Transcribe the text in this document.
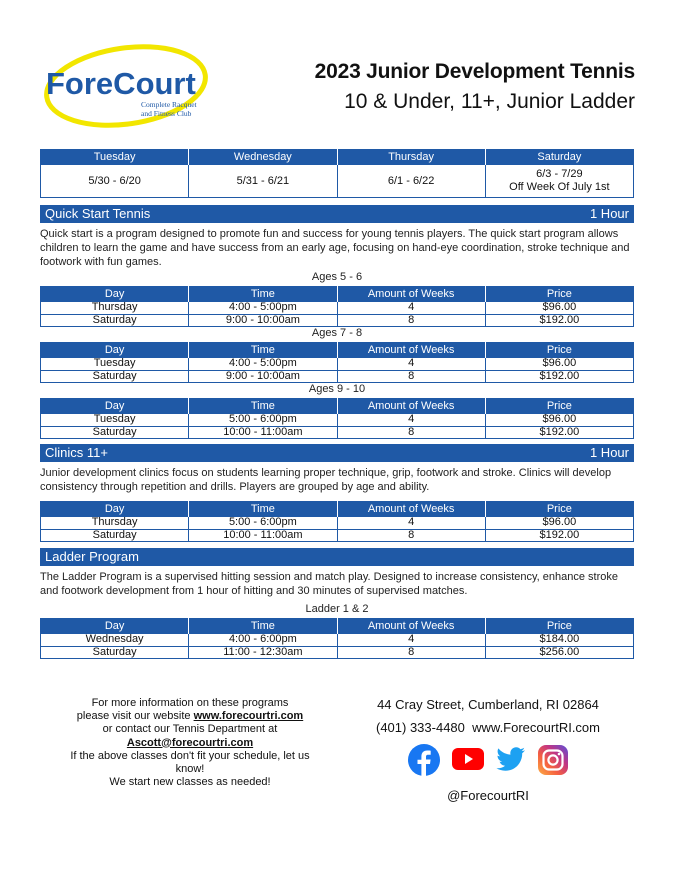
ForeCourt
Complete Racquet
and Fitness Club
2023 Junior Development Tennis
10 & Under, 11+, Junior Ladder
Tuesday	Wednesday	Thursday	Saturday
5/30 - 6/20	5/31 - 6/21	6/1 - 6/22	6/3 - 7/29
Off Week Of July 1st
Quick Start Tennis	1 Hour
Quick start is a program designed to promote fun and success for young tennis players. The quick start program allows children to learn the game and have success from an early age, focusing on hand-eye coordination, stroke technique and footwork with fun games.
Ages 5 - 6
Day	Time	Amount of Weeks	Price
Thursday	4:00 - 5:00pm	4	$96.00
Saturday	9:00 - 10:00am	8	$192.00
Ages 7 - 8
Day	Time	Amount of Weeks	Price
Tuesday	4:00 - 5:00pm	4	$96.00
Saturday	9:00 - 10:00am	8	$192.00
Ages 9 - 10
Day	Time	Amount of Weeks	Price
Tuesday	5:00 - 6:00pm	4	$96.00
Saturday	10:00 - 11:00am	8	$192.00
Clinics 11+	1 Hour
Junior development clinics focus on students learning proper technique, grip, footwork and stroke. Clinics will develop consistency through repetition and drills. Players are grouped by age and ability.
Day	Time	Amount of Weeks	Price
Thursday	5:00 - 6:00pm	4	$96.00
Saturday	10:00 - 11:00am	8	$192.00
Ladder Program
The Ladder Program is a supervised hitting session and match play. Designed to increase consistency, enhance stroke and footwork development from 1 hour of hitting and 30 minutes of supervised matches.
Ladder 1 & 2
Day	Time	Amount of Weeks	Price
Wednesday	4:00 - 6:00pm	4	$184.00
Saturday	11:00 - 12:30am	8	$256.00
For more information on these programs
please visit our website www.forecourtri.com
or contact our Tennis Department at
Ascott@forecourtri.com
If the above classes don't fit your schedule, let us know!
We start new classes as needed!
44 Cray Street, Cumberland, RI 02864
(401) 333-4480 www.ForecourtRI.com
@ForecourtRI
